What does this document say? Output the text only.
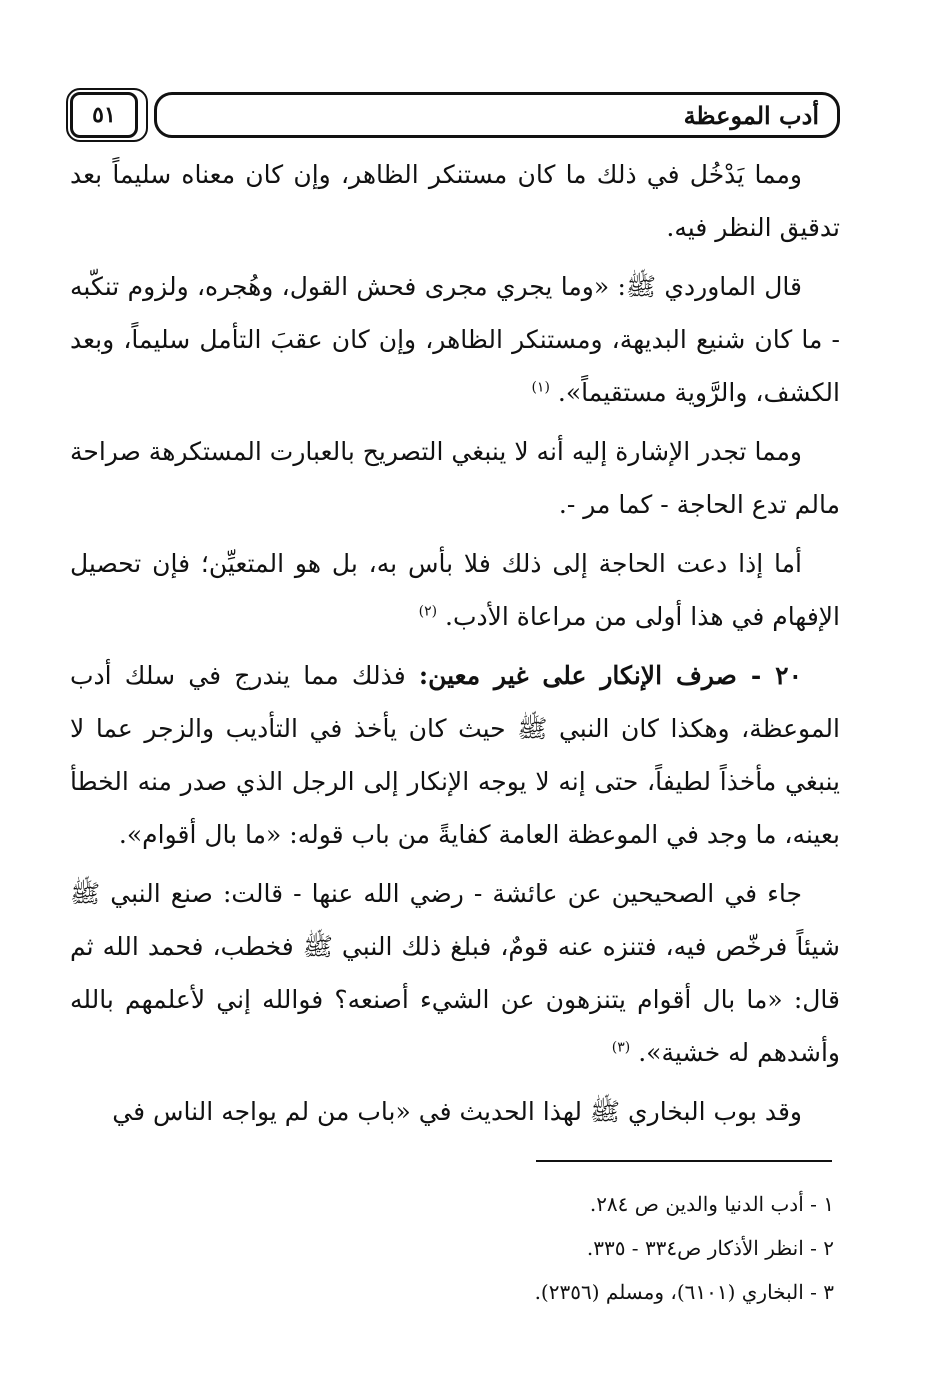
٥١	أدب الموعظة

ومما يَدْخُل في ذلك ما كان مستنكر الظاهر، وإن كان معناه سليماً بعد تدقيق النظر فيه.

قال الماوردي ﷺ: «وما يجري مجرى فحش القول، وهُجره، ولزوم تنكّبه - ما كان شنيع البديهة، ومستنكر الظاهر، وإن كان عقبَ التأمل سليماً، وبعد الكشف، والرَّوية مستقيماً». $^{(١)}$

ومما تجدر الإشارة إليه أنه لا ينبغي التصريح بالعبارت المستكرهة صراحة مالم تدع الحاجة - كما مر -.

أما إذا دعت الحاجة إلى ذلك فلا بأس به، بل هو المتعيِّن؛ فإن تحصيل الإفهام في هذا أولى من مراعاة الأدب. $^{(٢)}$

٢٠ - صرف الإنكار على غير معين: فذلك مما يندرج في سلك أدب الموعظة، وهكذا كان النبي ﷺ حيث كان يأخذ في التأديب والزجر عما لا ينبغي مأخذاً لطيفاً، حتى إنه لا يوجه الإنكار إلى الرجل الذي صدر منه الخطأ بعينه، ما وجد في الموعظة العامة كفايةً من باب قوله: «ما بال أقوام».

جاء في الصحيحين عن عائشة - رضي الله عنها - قالت: صنع النبي ﷺ شيئاً فرخّص فيه، فتنزه عنه قومٌ، فبلغ ذلك النبي ﷺ فخطب، فحمد الله ثم قال: «ما بال أقوام يتنزهون عن الشيء أصنعه؟ فوالله إني لأعلمهم بالله وأشدهم له خشية». $^{(٣)}$

وقد بوب البخاري ﷺ لهذا الحديث في «باب من لم يواجه الناس في

١ - أدب الدنيا والدين ص ٢٨٤.
٢ - انظر الأذكار ص٣٣٤ - ٣٣٥.
٣ - البخاري (٦١٠١)، ومسلم (٢٣٥٦).
